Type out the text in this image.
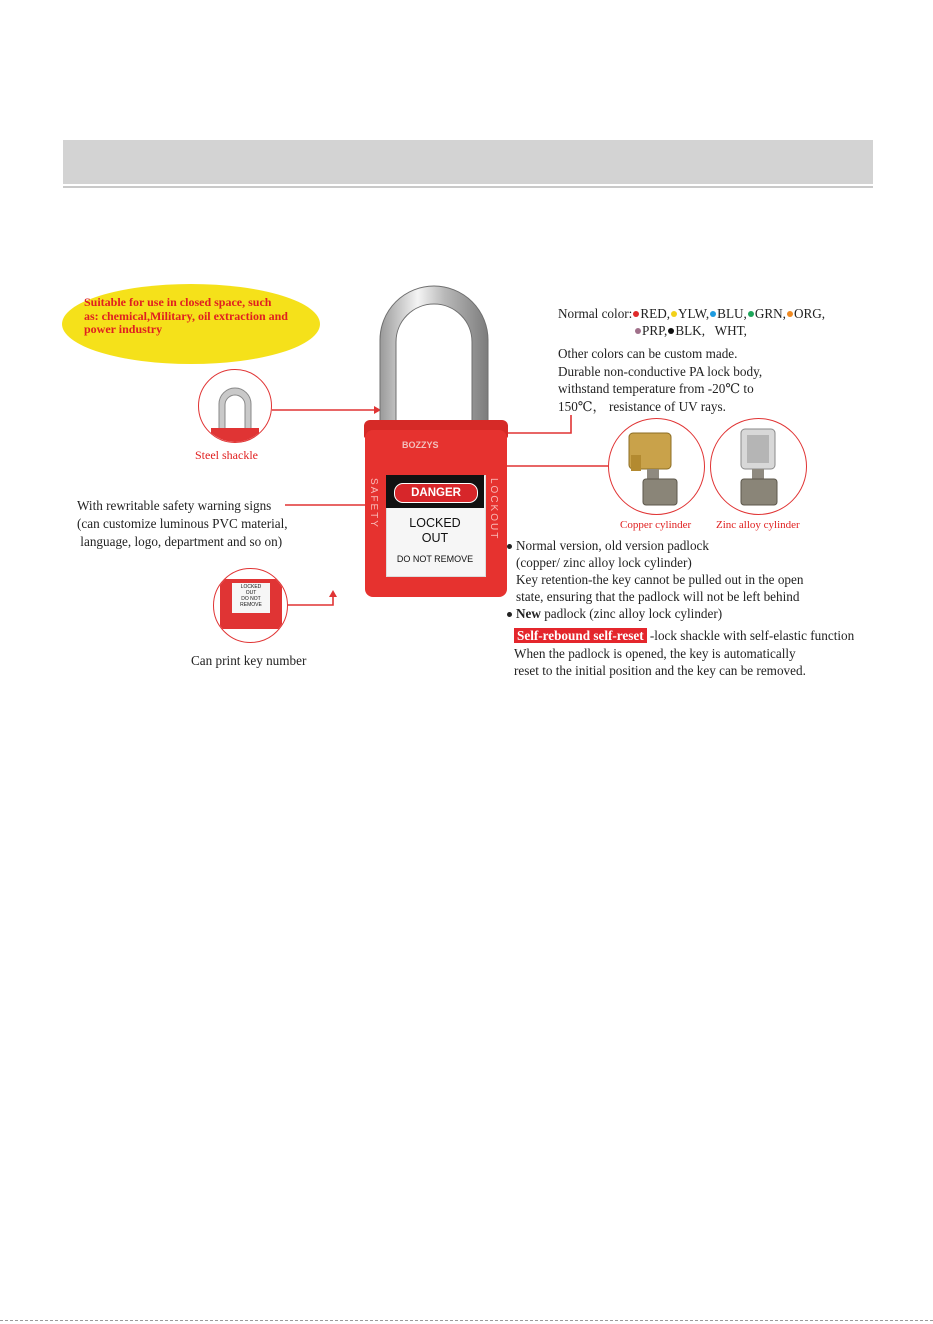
Suitable for use in closed space, such
as: chemical,Military, oil extraction and
power industry
BOZZYS
SAFETY	LOCKOUT
DANGER
LOCKED
OUT
DO NOT REMOVE
Steel shackle
Normal color: RED, YLW, BLU, GRN, ORG,
PRP, BLK,   WHT,
Other colors can be custom made.
Durable non-conductive PA lock body,
withstand temperature from -20℃ to
150℃， resistance of UV rays.
Copper cylinder Zinc alloy cylinder
With rewritable safety warning signs
(can customize luminous PVC material,
language, logo, department and so on)
LOCKED
OUT
DO NOT REMOVE
Can print key number
Normal version, old version padlock
(copper/ zinc alloy lock cylinder)
Key retention-the key cannot be pulled out in the open
state, ensuring that the padlock will not be left behind
New padlock (zinc alloy lock cylinder)
Self-rebound self-reset -lock shackle with self-elastic function
When the padlock is opened, the key is automatically
reset to the initial position and the key can be removed.
